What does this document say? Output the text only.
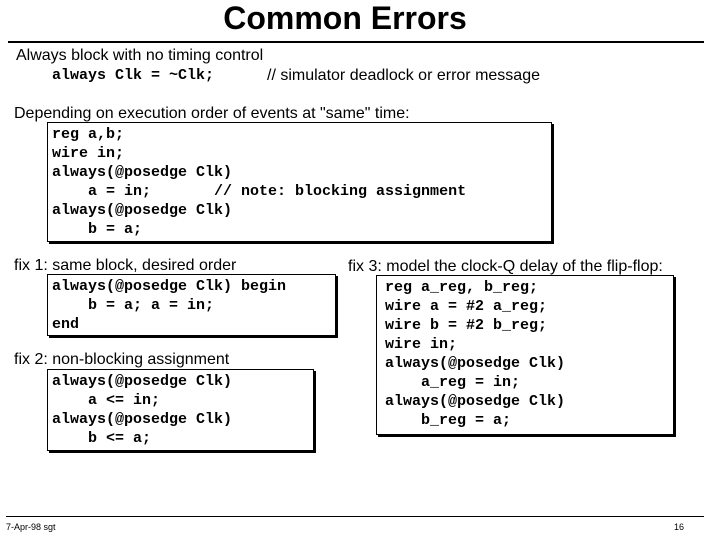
Common Errors
Always block with no timing control
always Clk = ~Clk;	// simulator deadlock or error message
Depending on execution order of events at "same" time:
reg a,b;
wire in;
always(@posedge Clk)
a = in;       // note: blocking assignment
always(@posedge Clk)
b = a;
fix 1: same block, desired order
always(@posedge Clk) begin
b = a; a = in;
end
fix 2: non-blocking assignment
always(@posedge Clk)
a <= in;
always(@posedge Clk)
b <= a;
fix 3: model the clock-Q delay of the flip-flop:
reg a_reg, b_reg;
wire a = #2 a_reg;
wire b = #2 b_reg;
wire in;
always(@posedge Clk)
a_reg = in;
always(@posedge Clk)
b_reg = a;
7-Apr-98 sgt	16
